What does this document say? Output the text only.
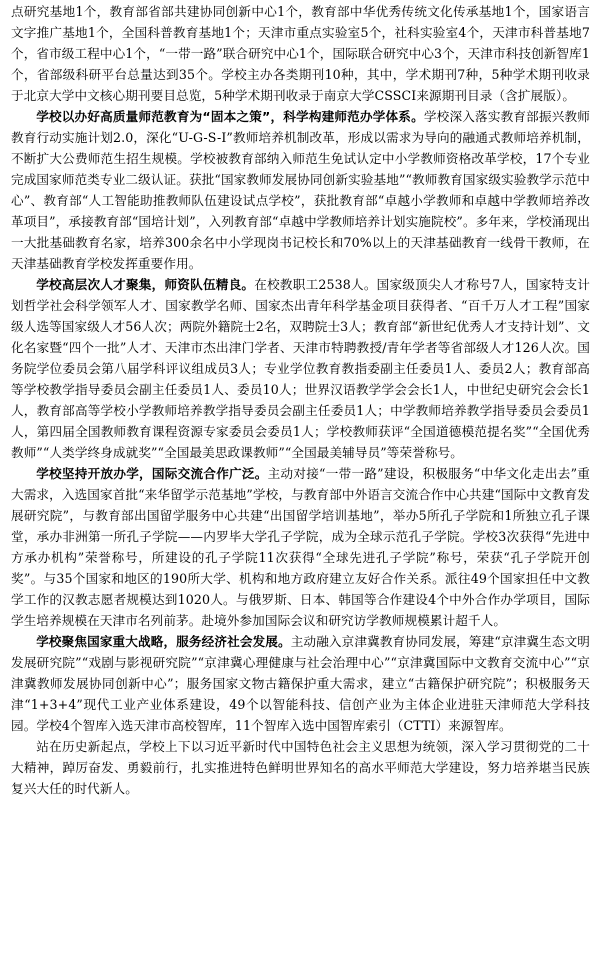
点研究基地1个，教育部省部共建协同创新中心1个，教育部中华优秀传统文化传承基地1个，国家语言文字推广基地1个，全国科普教育基地1个；天津市重点实验室5个，社科实验室4个，天津市科普基地7个，省市级工程中心1个，“一带一路”联合研究中心1个，国际联合研究中心3个，天津市科技创新智库1个，省部级科研平台总量达到35个。学校主办各类期刊10种，其中，学术期刊7种，5种学术期刊收录于北京大学中文核心期刊要目总览，5种学术期刊收录于南京大学CSSCI来源期刊目录（含扩展版）。

学校以办好高质量师范教育为“固本之策”，科学构建师范办学体系。学校深入落实教育部振兴教师教育行动实施计划2.0，深化“U-G-S-I”教师培养机制改革，形成以需求为导向的融通式教师培养机制，不断扩大公费师范生招生规模。学校被教育部纳入师范生免试认定中小学教师资格改革学校，17个专业完成国家师范类专业二级认证。获批“国家教师发展协同创新实验基地”“教师教育国家级实验教学示范中心”、教育部“人工智能助推教师队伍建设试点学校”，获批教育部“卓越小学教师和卓越中学教师培养改革项目”，承接教育部“国培计划”，入列教育部“卓越中学教师培养计划实施院校”。多年来，学校涌现出一大批基础教育名家，培养300余名中小学现岗书记校长和70%以上的天津基础教育一线骨干教师，在天津基础教育学校发挥重要作用。

学校高层次人才聚集，师资队伍精良。在校教职工2538人。国家级顶尖人才称号7人，国家特支计划哲学社会科学领军人才、国家教学名师、国家杰出青年科学基金项目获得者、“百千万人才工程”国家级人选等国家级人才56人次；两院外籍院士2名，双聘院士3人；教育部“新世纪优秀人才支持计划”、文化名家暨“四个一批”人才、天津市杰出津门学者、天津市特聘教授/青年学者等省部级人才126人次。国务院学位委员会第八届学科评议组成员3人；专业学位教育教指委副主任委员1人、委员2人；教育部高等学校教学指导委员会副主任委员1人、委员10人；世界汉语教学学会会长1人，中世纪史研究会会长1人，教育部高等学校小学教师培养教学指导委员会副主任委员1人；中学教师培养教学指导委员会委员1人，第四届全国教师教育课程资源专家委员会委员1人；学校教师获评“全国道德模范提名奖”“全国优秀教师”“人类学终身成就奖”“全国最美思政课教师”“全国最美辅导员”等荣誉称号。

学校坚持开放办学，国际交流合作广泛。主动对接“一带一路”建设，积极服务“中华文化走出去”重大需求，入选国家首批“来华留学示范基地”学校，与教育部中外语言交流合作中心共建“国际中文教育发展研究院”，与教育部出国留学服务中心共建“出国留学培训基地”，举办5所孔子学院和1所独立孔子课堂，承办非洲第一所孔子学院——内罗毕大学孔子学院，成为全球示范孔子学院。学校3次获得“先进中方承办机构”荣誉称号，所建设的孔子学院11次获得“全球先进孔子学院”称号，荣获“孔子学院开创奖”。与35个国家和地区的190所大学、机构和地方政府建立友好合作关系。派往49个国家担任中文教学工作的汉教志愿者规模达到1020人。与俄罗斯、日本、韩国等合作建设4个中外合作办学项目，国际学生培养规模在天津市名列前茅。赴境外参加国际会议和研究访学教师规模累计超千人。

学校聚焦国家重大战略，服务经济社会发展。主动融入京津冀教育协同发展，筹建“京津冀生态文明发展研究院”“戏剧与影视研究院”“京津冀心理健康与社会治理中心”“京津冀国际中文教育交流中心”“京津冀教师发展协同创新中心”；服务国家文物古籍保护重大需求，建立“古籍保护研究院”；积极服务天津“1+3+4”现代工业产业体系建设，49个以智能科技、信创产业为主体企业进驻天津师范大学科技园。学校4个智库入选天津市高校智库，11个智库入选中国智库索引（CTTI）来源智库。

站在历史新起点，学校上下以习近平新时代中国特色社会主义思想为统领，深入学习贯彻党的二十大精神，踔厉奋发、勇毅前行，扎实推进特色鲜明世界知名的高水平师范大学建设，努力培养堪当民族复兴大任的时代新人。
